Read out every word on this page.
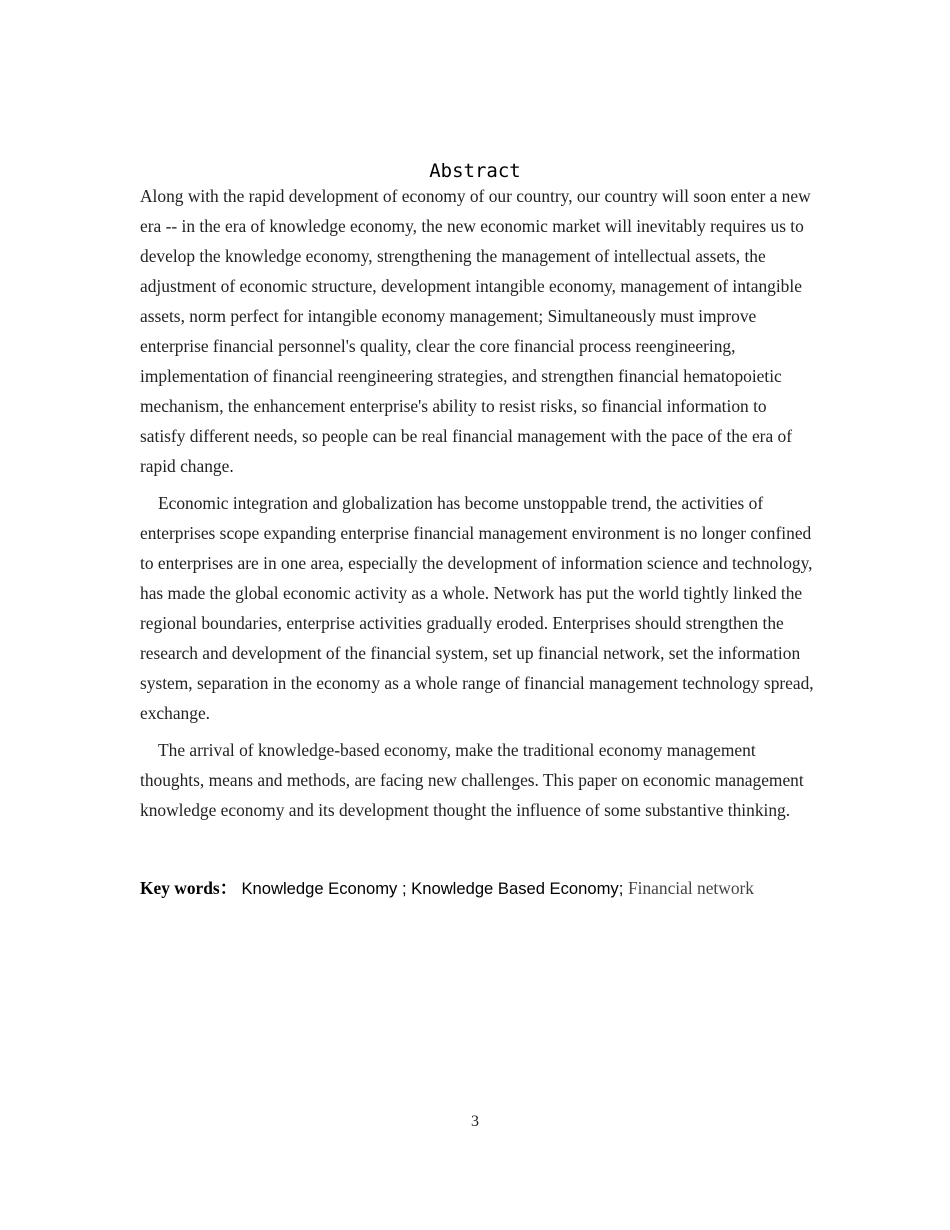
Abstract

Along with the rapid development of economy of our country, our country will soon enter a new era -- in the era of knowledge economy, the new economic market will inevitably requires us to develop the knowledge economy, strengthening the management of intellectual assets, the adjustment of economic structure, development intangible economy, management of intangible assets, norm perfect for intangible economy management; Simultaneously must improve enterprise financial personnel's quality, clear the core financial process reengineering, implementation of financial reengineering strategies, and strengthen financial hematopoietic mechanism, the enhancement enterprise's ability to resist risks, so financial information to satisfy different needs, so people can be real financial management with the pace of the era of rapid change.

Economic integration and globalization has become unstoppable trend, the activities of enterprises scope expanding enterprise financial management environment is no longer confined to enterprises are in one area, especially the development of information science and technology, has made the global economic activity as a whole. Network has put the world tightly linked the regional boundaries, enterprise activities gradually eroded. Enterprises should strengthen the research and development of the financial system, set up financial network, set the information system, separation in the economy as a whole range of financial management technology spread, exchange.

The arrival of knowledge-based economy, make the traditional economy management thoughts, means and methods, are facing new challenges. This paper on economic management knowledge economy and its development thought the influence of some substantive thinking.

Key words： Knowledge Economy ; Knowledge Based Economy; Financial network
3
